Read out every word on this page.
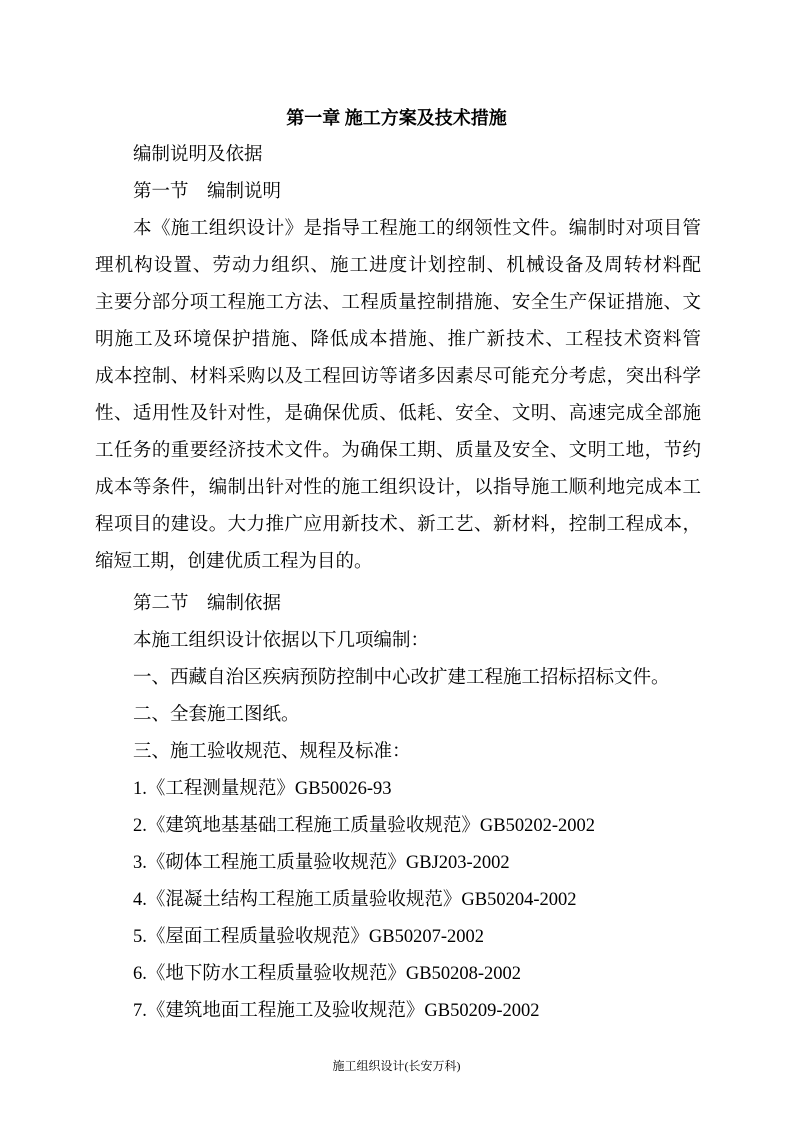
第一章 施工方案及技术措施
编制说明及依据
第一节　编制说明
本《施工组织设计》是指导工程施工的纲领性文件。编制时对项目管
理机构设置、劳动力组织、施工进度计划控制、机械设备及周转材料配
主要分部分项工程施工方法、工程质量控制措施、安全生产保证措施、文
明施工及环境保护措施、降低成本措施、推广新技术、工程技术资料管
成本控制、材料采购以及工程回访等诸多因素尽可能充分考虑，突出科学
性、适用性及针对性，是确保优质、低耗、安全、文明、高速完成全部施
工任务的重要经济技术文件。为确保工期、质量及安全、文明工地，节约
成本等条件，编制出针对性的施工组织设计，以指导施工顺利地完成本工
程项目的建设。大力推广应用新技术、新工艺、新材料，控制工程成本，
缩短工期，创建优质工程为目的。
第二节　编制依据
本施工组织设计依据以下几项编制：
一、西藏自治区疾病预防控制中心改扩建工程施工招标招标文件。
二、全套施工图纸。
三、施工验收规范、规程及标准：
1.《工程测量规范》GB50026-93
2.《建筑地基基础工程施工质量验收规范》GB50202-2002
3.《砌体工程施工质量验收规范》GBJ203-2002
4.《混凝土结构工程施工质量验收规范》GB50204-2002
5.《屋面工程质量验收规范》GB50207-2002
6.《地下防水工程质量验收规范》GB50208-2002
7.《建筑地面工程施工及验收规范》GB50209-2002
施工组织设计(长安万科)
